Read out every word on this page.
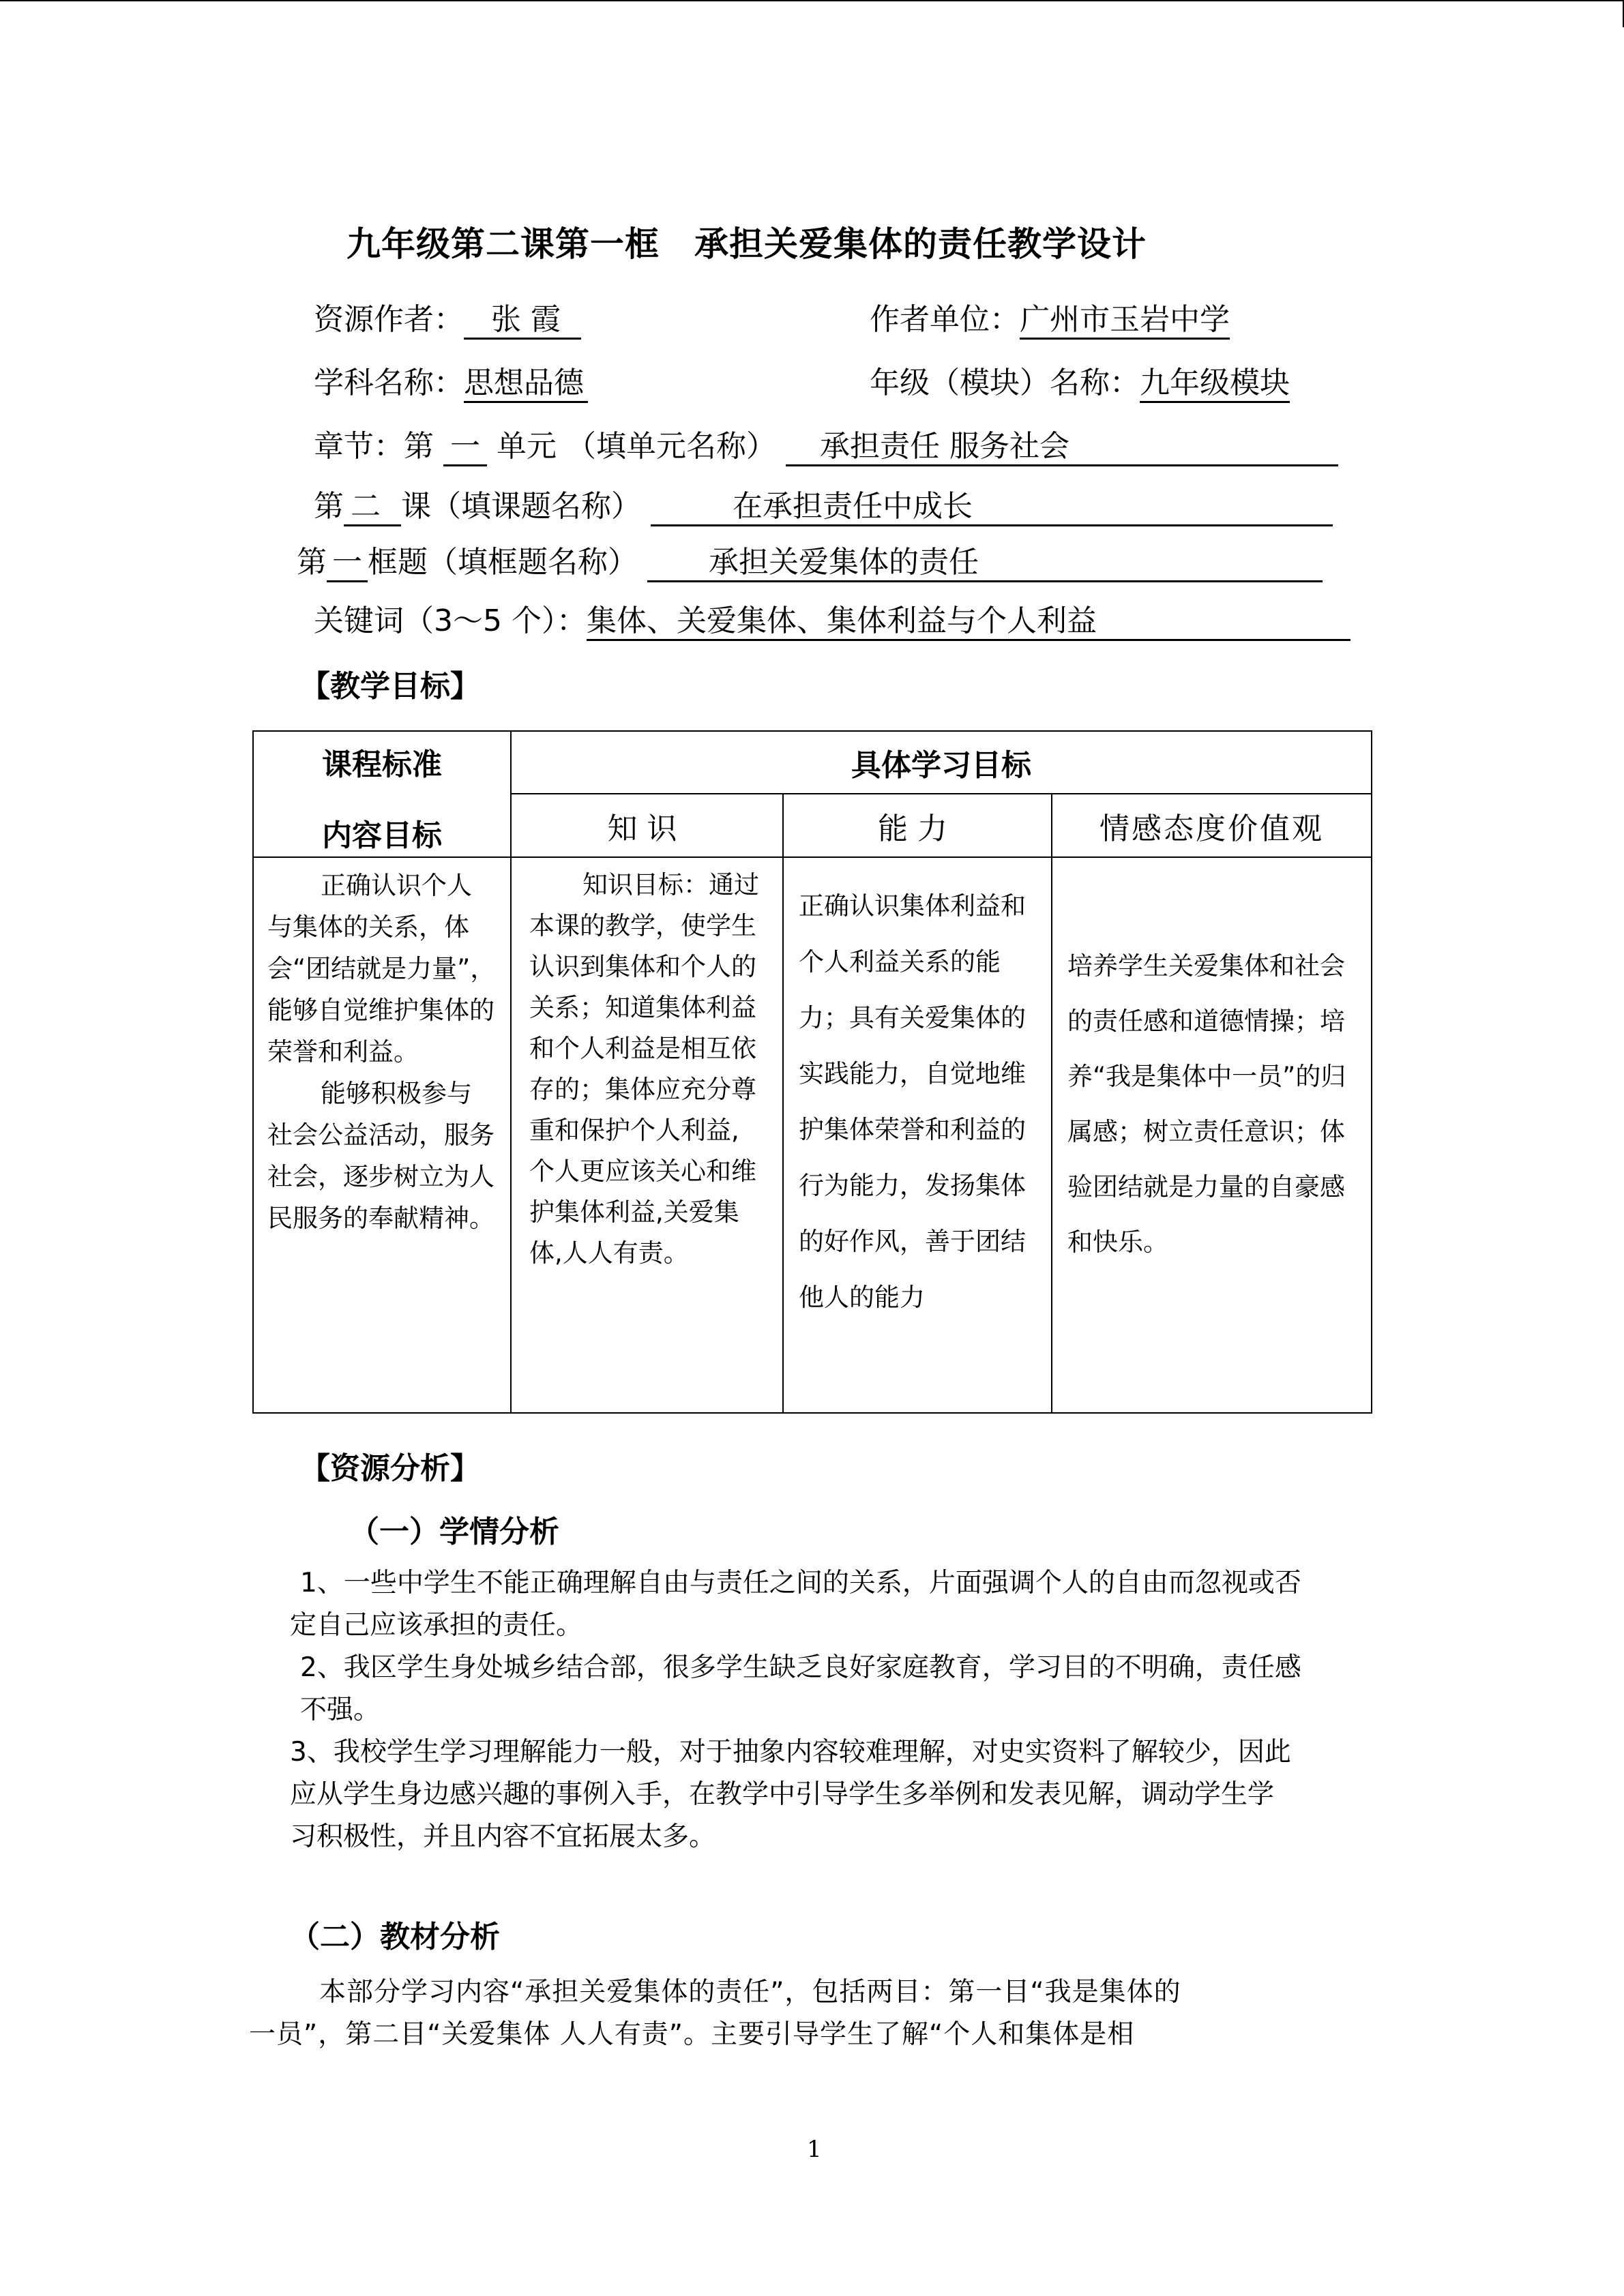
九年级第二课第一框　承担关爱集体的责任教学设计
资源作者： 张 霞	作者单位：广州市玉岩中学
学科名称：思想品德	年级（模块）名称：九年级模块
章节：第 一 单元 （填单元名称） 承担责任 服务社会
第 二 课（填课题名称）	在承担责任中成长
第 一 框题（填框题名称） 承担关爱集体的责任
关键词（3～5 个）：集体、关爱集体、集体利益与个人利益
【教学目标】
课程标准
内容目标	具体学习目标		

	知识	能力	情感态度价值观

正确认识个人与集体的关系，体会“团结就是力量”，能够自觉维护集体的荣誉和利益。
能够积极参与社会公益活动，服务社会，逐步树立为人民服务的奉献精神。	知识目标：通过本课的教学，使学生认识到集体和个人的关系；知道集体利益和个人利益是相互依存的；集体应充分尊重和保护个人利益,个人更应该关心和维护集体利益,关爱集体,人人有责。	正确认识集体利益和个人利益关系的能力；具有关爱集体的实践能力，自觉地维护集体荣誉和利益的行为能力，发扬集体的好作风，善于团结他人的能力	培养学生关爱集体和社会的责任感和道德情操；培养“我是集体中一员”的归属感；树立责任意识；体验团结就是力量的自豪感和快乐。
【资源分析】
（一）学情分析
1、一些中学生不能正确理解自由与责任之间的关系，片面强调个人的自由而忽视或否
定自己应该承担的责任。
2、我区学生身处城乡结合部，很多学生缺乏良好家庭教育，学习目的不明确，责任感
不强。
3、我校学生学习理解能力一般，对于抽象内容较难理解，对史实资料了解较少，因此
应从学生身边感兴趣的事例入手，在教学中引导学生多举例和发表见解，调动学生学
习积极性，并且内容不宜拓展太多。
（二）教材分析
本部分学习内容“承担关爱集体的责任”，包括两目：第一目“我是集体的
一员”，第二目“关爱集体 人人有责”。主要引导学生了解“个人和集体是相
1
